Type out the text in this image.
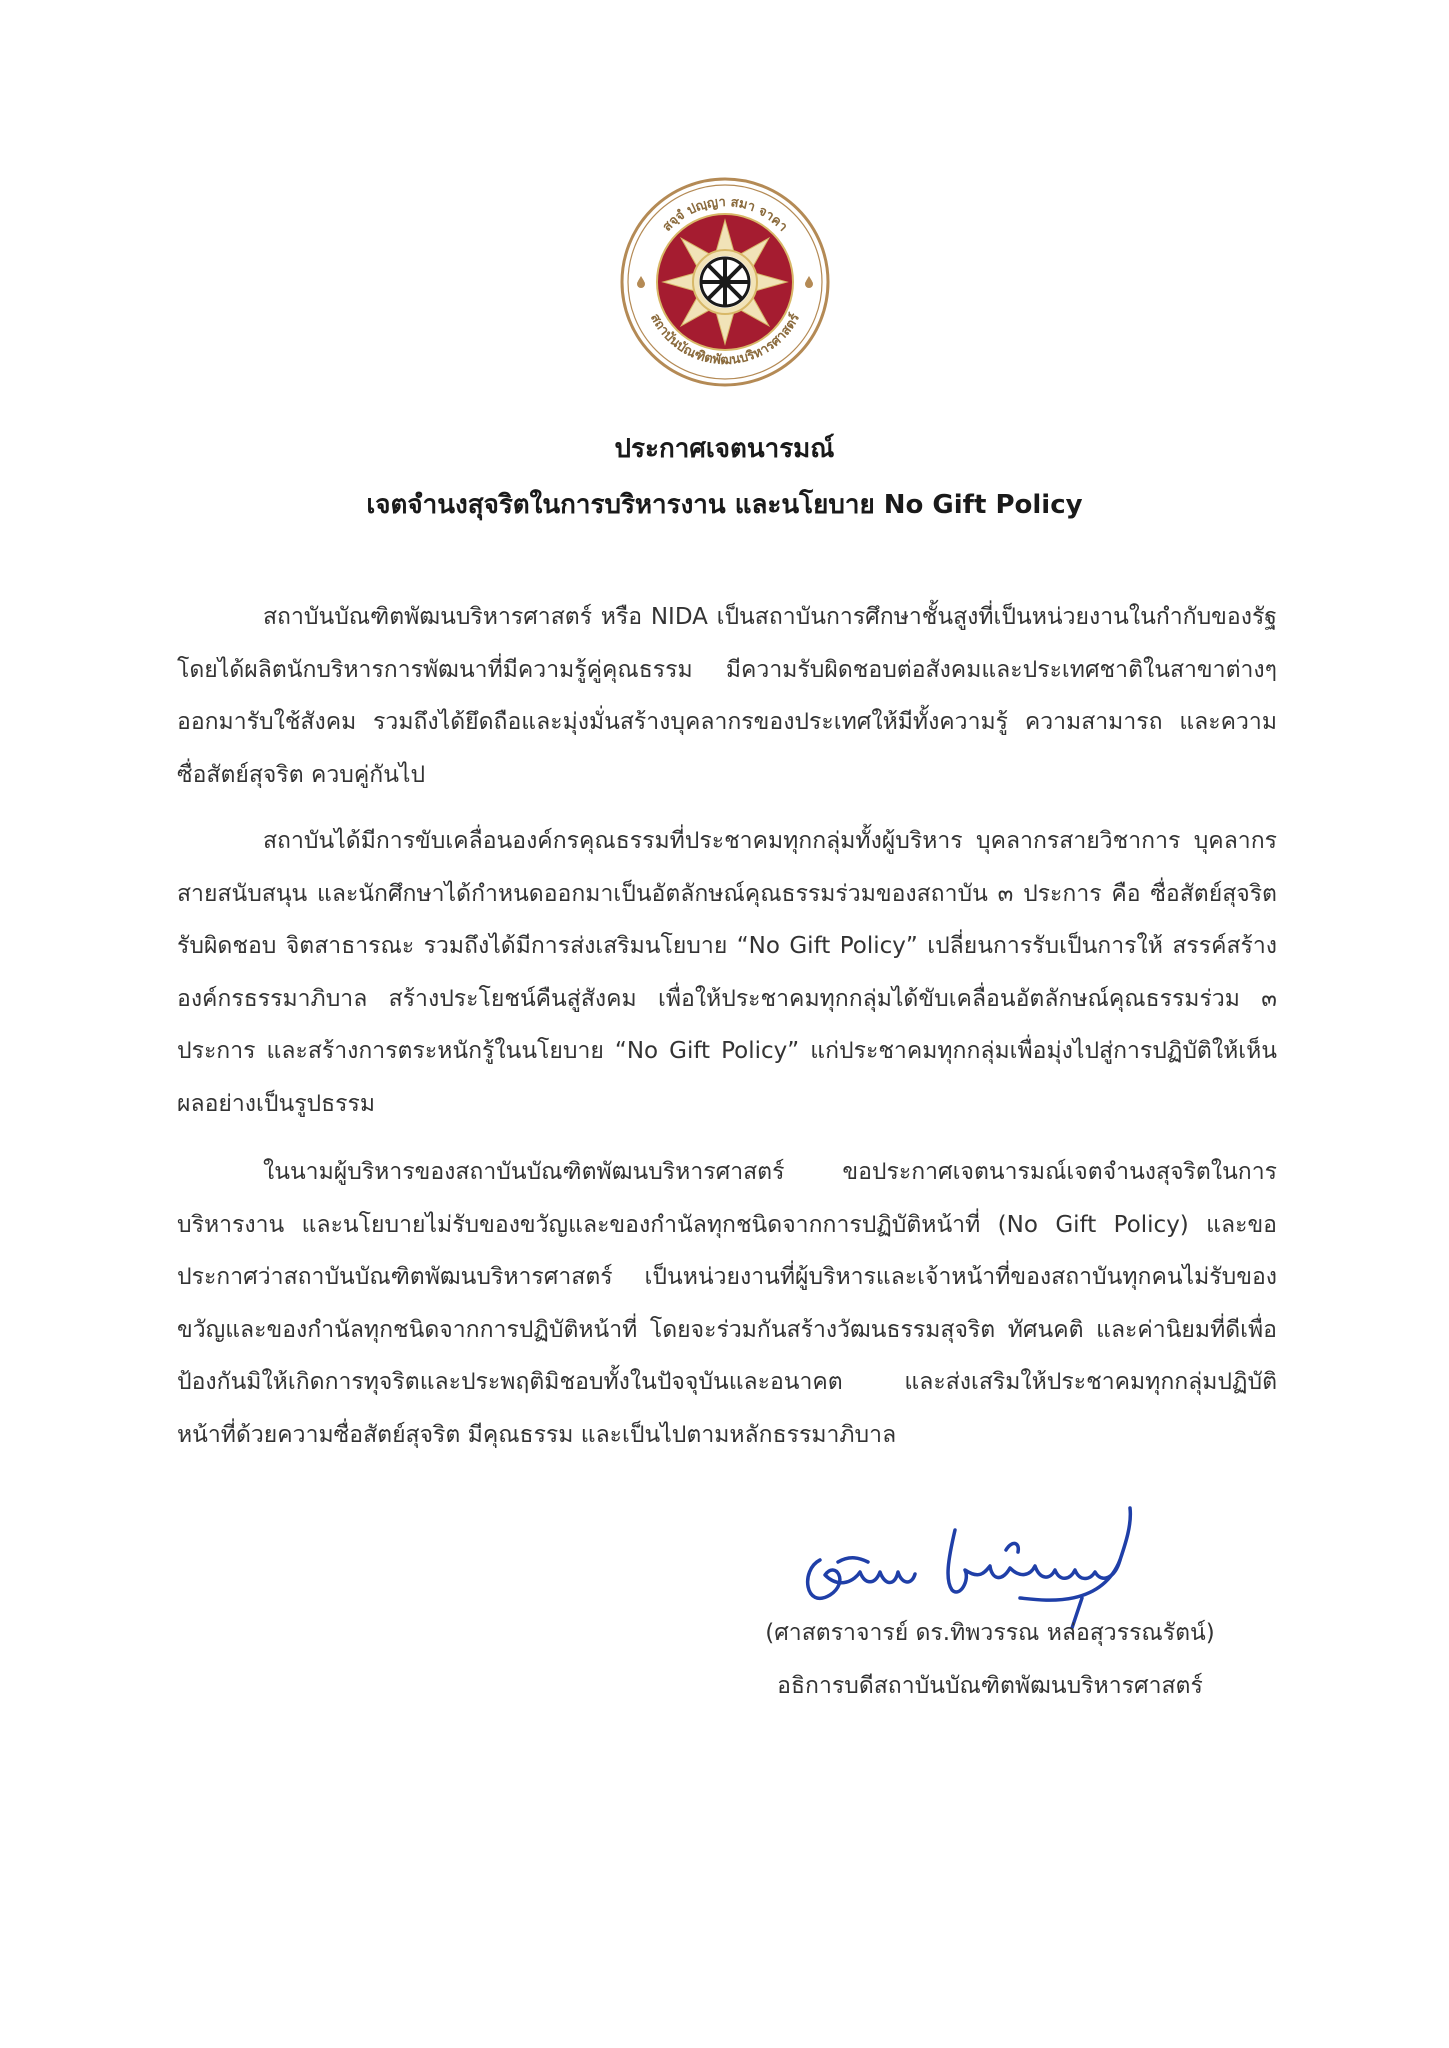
สจฺจํ ปญฺญา สมา จาคา
สถาบันบัณฑิตพัฒนบริหารศาสตร์
ประกาศเจตนารมณ์
เจตจำนงสุจริตในการบริหารงาน และนโยบาย No Gift Policy

สถาบันบัณฑิตพัฒนบริหารศาสตร์ หรือ NIDA เป็นสถาบันการศึกษาชั้นสูงที่เป็นหน่วยงานในกำกับของรัฐ โดยได้ผลิตนักบริหารการพัฒนาที่มีความรู้คู่คุณธรรม มีความรับผิดชอบต่อสังคมและประเทศชาติในสาขาต่างๆ ออกมารับใช้สังคม รวมถึงได้ยึดถือและมุ่งมั่นสร้างบุคลากรของประเทศให้มีทั้งความรู้ ความสามารถ และความซื่อสัตย์สุจริต ควบคู่กันไป

สถาบันได้มีการขับเคลื่อนองค์กรคุณธรรมที่ประชาคมทุกกลุ่มทั้งผู้บริหาร บุคลากรสายวิชาการ บุคลากรสายสนับสนุน และนักศึกษาได้กำหนดออกมาเป็นอัตลักษณ์คุณธรรมร่วมของสถาบัน ๓ ประการ คือ ซื่อสัตย์สุจริต รับผิดชอบ จิตสาธารณะ รวมถึงได้มีการส่งเสริมนโยบาย “No Gift Policy” เปลี่ยนการรับเป็นการให้ สรรค์สร้างองค์กรธรรมาภิบาล สร้างประโยชน์คืนสู่สังคม เพื่อให้ประชาคมทุกกลุ่มได้ขับเคลื่อนอัตลักษณ์คุณธรรมร่วม ๓ ประการ และสร้างการตระหนักรู้ในนโยบาย “No Gift Policy” แก่ประชาคมทุกกลุ่มเพื่อมุ่งไปสู่การปฏิบัติให้เห็นผลอย่างเป็นรูปธรรม

ในนามผู้บริหารของสถาบันบัณฑิตพัฒนบริหารศาสตร์ ขอประกาศเจตนารมณ์เจตจำนงสุจริตในการบริหารงาน และนโยบายไม่รับของขวัญและของกำนัลทุกชนิดจากการปฏิบัติหน้าที่ (No Gift Policy) และขอประกาศว่าสถาบันบัณฑิตพัฒนบริหารศาสตร์ เป็นหน่วยงานที่ผู้บริหารและเจ้าหน้าที่ของสถาบันทุกคนไม่รับของขวัญและของกำนัลทุกชนิดจากการปฏิบัติหน้าที่ โดยจะร่วมกันสร้างวัฒนธรรมสุจริต ทัศนคติ และค่านิยมที่ดีเพื่อป้องกันมิให้เกิดการทุจริตและประพฤติมิชอบทั้งในปัจจุบันและอนาคต และส่งเสริมให้ประชาคมทุกกลุ่มปฏิบัติหน้าที่ด้วยความซื่อสัตย์สุจริต มีคุณธรรม และเป็นไปตามหลักธรรมาภิบาล

(ศาสตราจารย์ ดร.ทิพวรรณ หล่อสุวรรณรัตน์)
อธิการบดีสถาบันบัณฑิตพัฒนบริหารศาสตร์
